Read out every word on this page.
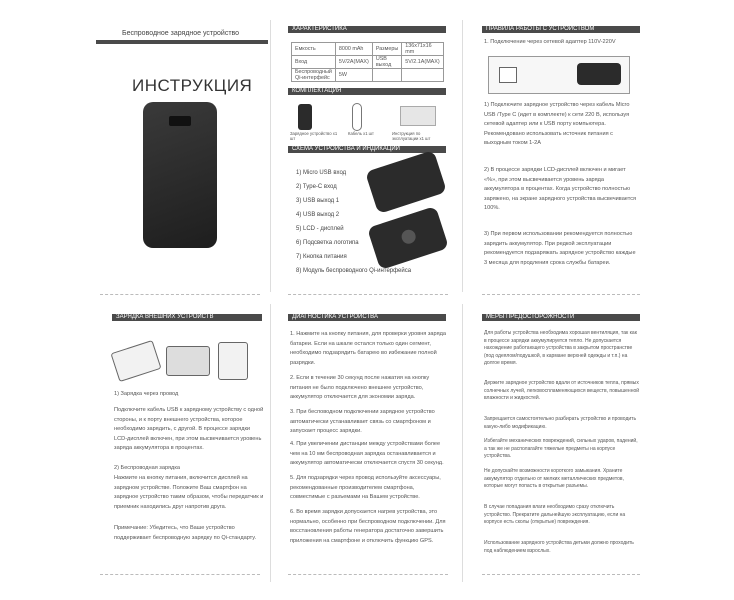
Беспроводное зарядное устройство
ИНСТРУКЦИЯ
ХАРАКТЕРИСТИКА
Емкость	8000 mAh	Размеры	136x71x16 mm
Вход	5V/2A(MAX)	USB выход	5V/2.1A(MAX)
Беспроводный Qi-интерфейс	5W		
КОМПЛЕКТАЦИЯ
Зарядное устройство x1 шт
Кабель x1 шт	Инструкция по эксплуатации x1 шт
СХЕМА УСТРОЙСТВА И ИНДИКАЦИИ
1) Micro USB вход
2) Type-C вход
3) USB выход 1
4) USB выход 2
5) LCD - дисплей
6) Подсветка логотипа
7) Кнопка питания
8) Модуль беспроводного Qi-интерфейса
ПРАВИЛА РАБОТЫ С УСТРОЙСТВОМ
1. Подключение через сетевой адаптер 110V-220V
1) Подключите зарядное устройство через кабель Micro USB /Type C (идет в комплекте) к сети 220 В, используя сетевой адаптер или к USB порту компьютера. Рекомендовано использовать источник питания с выходным током 1-2А
2) В процессе зарядки LCD-дисплей включен и мигает «%», при этом высвечивается уровень заряда аккумулятора в процентах. Когда устройство полностью заряжено, на экране зарядного устройства высвечивается 100%.
3) При первом использовании рекомендуется полностью зарядить аккумулятор. При редкой эксплуатации рекомендуется подзаряжать зарядное устройство каждые 3 месяца для продления срока службы батареи.
ЗАРЯДКА ВНЕШНИХ УСТРОЙСТВ
1) Зарядка через провод
Подключите кабель USB к зарядному устройству с одной стороны, и к порту внешнего устройства, которое необходимо зарядить, с другой. В процессе зарядки LCD-дисплей включен, при этом высвечивается уровень заряда аккумулятора в процентах.
2) Беспроводная зарядка
Нажмите на кнопку питания, включится дисплей на зарядном устройстве. Положите Ваш смартфон на зарядное устройство таким образом, чтобы передатчик и приемник находились друг напротив друга.
Примечание: Убедитесь, что Ваше устройство поддерживает беспроводную зарядку по Qi-стандарту.
ДИАГНОСТИКА УСТРОЙСТВА
1. Нажмите на кнопку питания, для проверки уровня заряда батареи. Если на шкале остался только один сегмент, необходимо подзарядить батарею во избежание полной разрядки.
2. Если в течение 30 секунд после нажатия на кнопку питания не было подключено внешнее устройство, аккумулятор отключается для экономии заряда.
3. При бесповодном подключении зарядное устройство автоматически устанавливает связь со смартфоном и запускает процесс зарядки.
4. При увеличении дистанции между устройствами более чем на 10 мм беспроводная зарядка останавливается и аккумулятор автоматически отключается спустя 30 секунд.
5. Для подзарядки через провод используйте аксессуары, рекомендованные производителем смартфона, совместимые с разъемами на Вашем устройстве.
6. Во время зарядки допускается нагрев устройства, это нормально, особенно при беспроводном подключении. Для восстановления работы генератора достаточно завершить приложения на смартфоне и отключить функцию GPS.
МЕРЫ ПРЕДОСТОРОЖНОСТИ
Для работы устройства необходима хорошая вентиляция, так как в процессе зарядки аккумулируется тепло. Не допускается нахождение работающего устройства в закрытом пространстве (под одеялом/подушкой, в кармане верхней одежды и т.п.) на долгое время.
Держите зарядное устройство вдали от источников тепла, прямых солнечных лучей, легковоспламеняющихся веществ, повышенной влажности и жидкостей.
Запрещается самостоятельно разбирать устройство и проводить какую-либо модификацию.
Избегайте механических повреждений, сильных ударов, падений, а так же не располагайте тяжелые предметы на корпусе устройства.
Не допускайте возможности короткого замыкания. Храните аккумулятор отдельно от мелких металлических предметов, которые могут попасть в открытые разъемы.
В случае попадания влаги необходимо сразу отключить устройство. Прекратите дальнейшую эксплуатацию, если на корпусе есть сколы (открытые) повреждения.
Использование зарядного устройства детьми должно проходить под наблюдением взрослых.
